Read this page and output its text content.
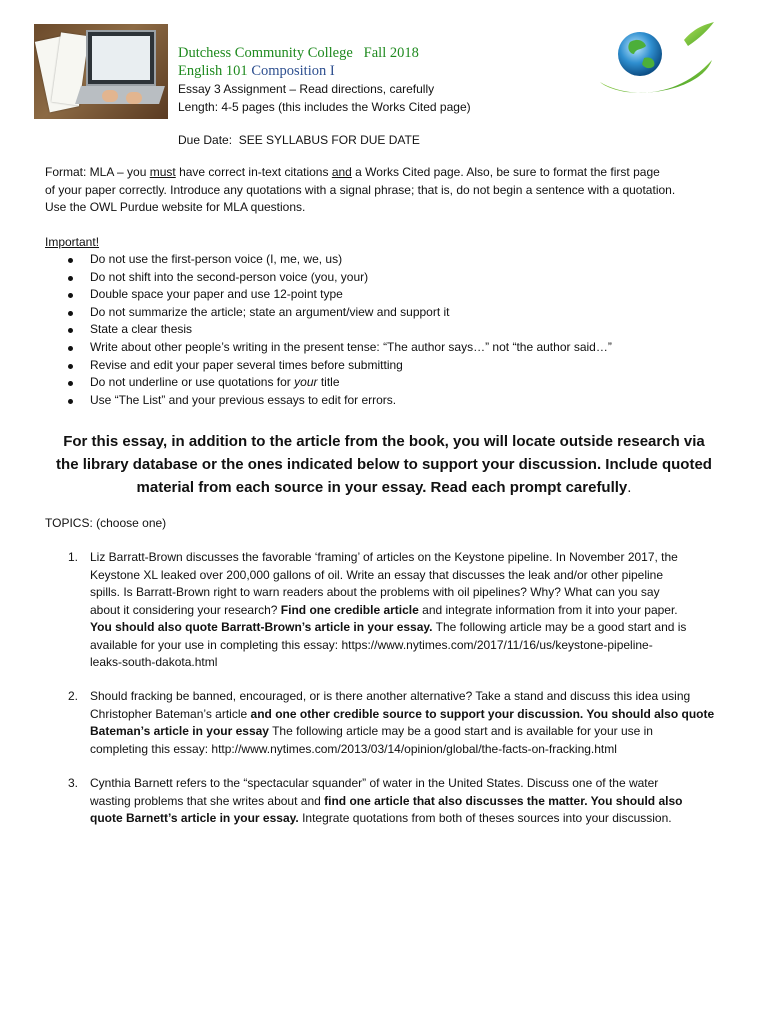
Dutchess Community College Fall 2018
English 101 Composition I
Essay 3 Assignment – Read directions, carefully
Length: 4-5 pages (this includes the Works Cited page)
Due Date: SEE SYLLABUS FOR DUE DATE
Format: MLA – you must have correct in-text citations and a Works Cited page. Also, be sure to format the first page
of your paper correctly. Introduce any quotations with a signal phrase; that is, do not begin a sentence with a quotation.
Use the OWL Purdue website for MLA questions.
Important!
Do not use the first-person voice (I, me, we, us)
Do not shift into the second-person voice (you, your)
Double space your paper and use 12-point type
Do not summarize the article; state an argument/view and support it
State a clear thesis
Write about other people’s writing in the present tense: “The author says…” not “the author said…”
Revise and edit your paper several times before submitting
Do not underline or use quotations for your title
Use “The List” and your previous essays to edit for errors.
For this essay, in addition to the article from the book, you will locate outside research via
the library database or the ones indicated below to support your discussion. Include quoted
material from each source in your essay. Read each prompt carefully.
TOPICS: (choose one)
1. Liz Barratt-Brown discusses the favorable ‘framing’ of articles on the Keystone pipeline. In November 2017, the
Keystone XL leaked over 200,000 gallons of oil. Write an essay that discusses the leak and/or other pipeline
spills. Is Barratt-Brown right to warn readers about the problems with oil pipelines? Why? What can you say
about it considering your research? Find one credible article and integrate information from it into your paper.
You should also quote Barratt-Brown’s article in your essay. The following article may be a good start and is
available for your use in completing this essay: https://www.nytimes.com/2017/11/16/us/keystone-pipeline-
leaks-south-dakota.html
2. Should fracking be banned, encouraged, or is there another alternative? Take a stand and discuss this idea using
Christopher Bateman’s article and one other credible source to support your discussion. You should also quote
Bateman’s article in your essay The following article may be a good start and is available for your use in
completing this essay: http://www.nytimes.com/2013/03/14/opinion/global/the-facts-on-fracking.html
3. Cynthia Barnett refers to the “spectacular squander” of water in the United States. Discuss one of the water
wasting problems that she writes about and find one article that also discusses the matter. You should also
quote Barnett’s article in your essay. Integrate quotations from both of theses sources into your discussion.
